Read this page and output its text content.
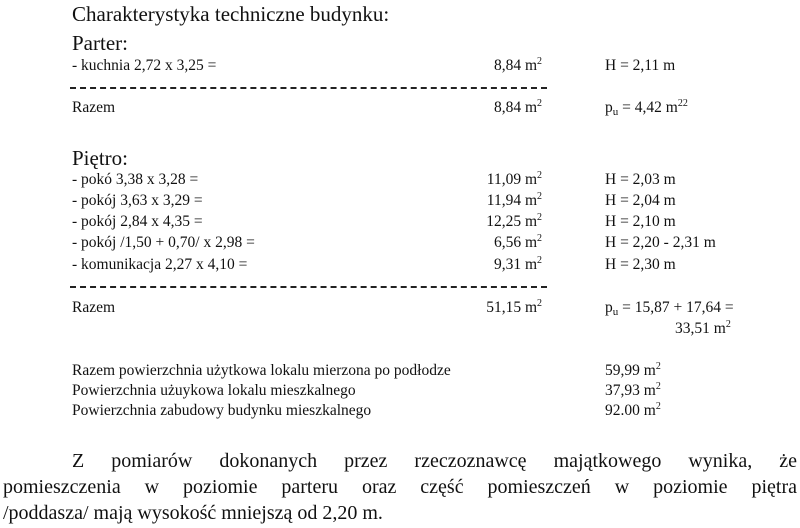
Charakterystyka techniczne budynku:
Parter:
- kuchnia 2,72 x 3,25 =	8,84 $m^2$	H = 2,11 m
Razem	8,84 $m^2$	$p_u = 4,42$ $m^{22}$
Piętro:
- pokó 3,38 x 3,28 =	11,09 $m^2$	H = 2,03 m
- pokój 3,63 x 3,29 =	11,94 $m^2$	H = 2,04 m
- pokój 2,84 x 4,35 =	12,25 $m^2$	H = 2,10 m
- pokój /1,50 + 0,70/ x 2,98 =	6,56 $m^2$	H = 2,20 - 2,31 m
- komunikacja 2,27 x 4,10 =	9,31 $m^2$	H = 2,30 m
Razem	51,15 $m^2$	$p_u = 15,87 + 17,64$ =
33,51 $m^2$
Razem powierzchnia użytkowa lokalu mierzona po podłodze	59,99 $m^2$
Powierzchnia użuykowa lokalu mieszkalnego	37,93 $m^2$
Powierzchnia zabudowy budynku mieszkalnego	92.00 $m^2$
Z pomiarów dokonanych przez rzeczoznawcę majątkowego wynika, że
pomieszczenia w poziomie parteru oraz część pomieszczeń w poziomie piętra
/poddasza/ mają wysokość mniejszą od 2,20 m.
